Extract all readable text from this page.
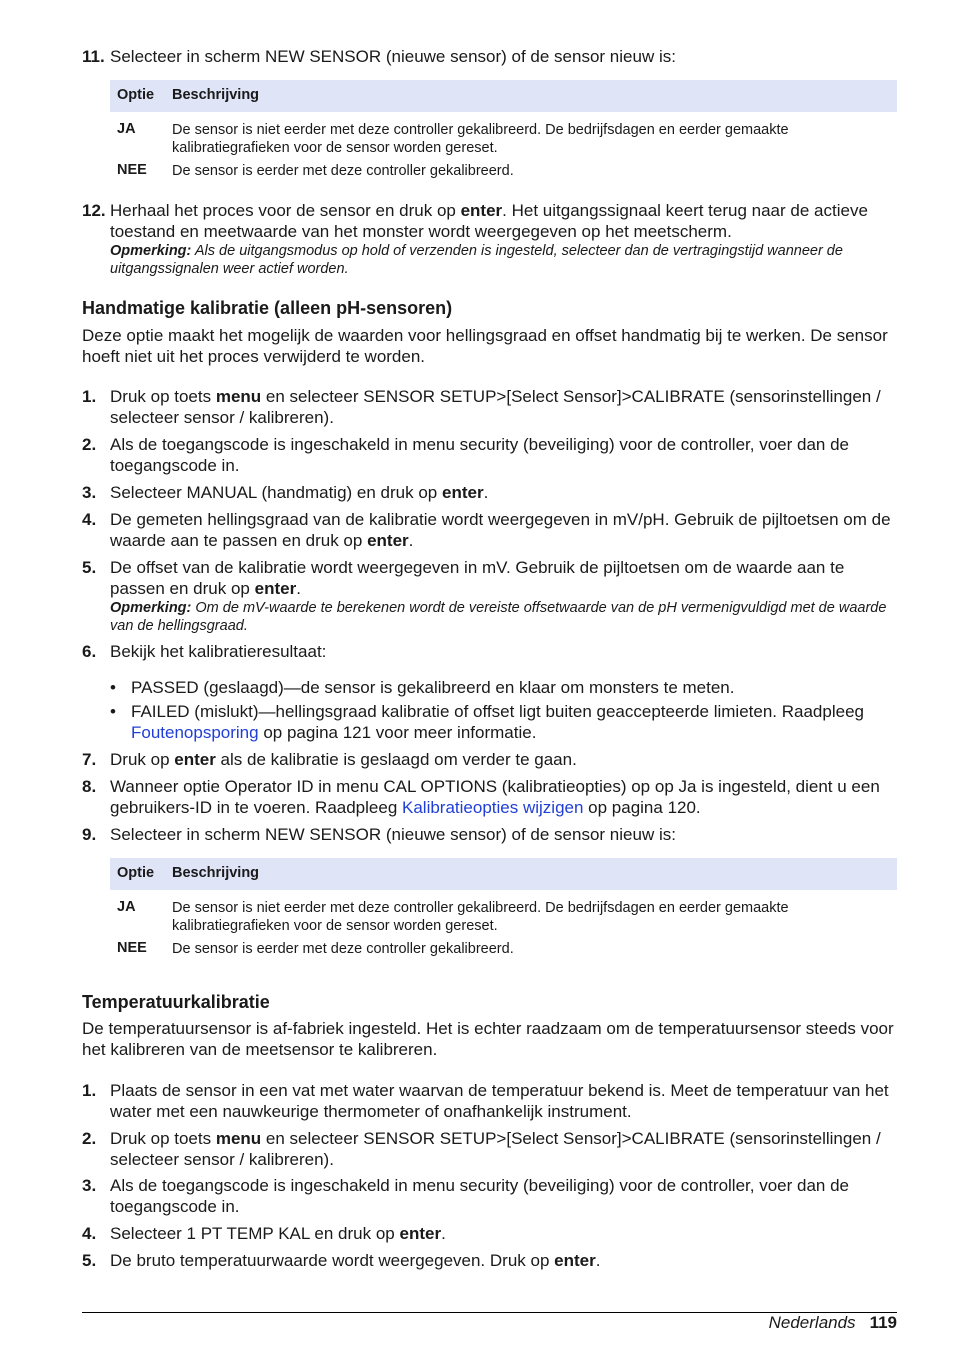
11. Selecteer in scherm NEW SENSOR (nieuwe sensor) of de sensor nieuw is:
Optie Beschrijving
JA	De sensor is niet eerder met deze controller gekalibreerd. De bedrijfsdagen en eerder gemaakte kalibratiegrafieken voor de sensor worden gereset.
NEE De sensor is eerder met deze controller gekalibreerd.
12. Herhaal het proces voor de sensor en druk op enter. Het uitgangssignaal keert terug naar de actieve toestand en meetwaarde van het monster wordt weergegeven op het meetscherm.
Opmerking: Als de uitgangsmodus op hold of verzenden is ingesteld, selecteer dan de vertragingstijd wanneer de uitgangssignalen weer actief worden.
Handmatige kalibratie (alleen pH-sensoren)
Deze optie maakt het mogelijk de waarden voor hellingsgraad en offset handmatig bij te werken. De sensor hoeft niet uit het proces verwijderd te worden.
1. Druk op toets menu en selecteer SENSOR SETUP>[Select Sensor]>CALIBRATE (sensorinstellingen / selecteer sensor / kalibreren).
2. Als de toegangscode is ingeschakeld in menu security (beveiliging) voor de controller, voer dan de toegangscode in.
3. Selecteer MANUAL (handmatig) en druk op enter.
4. De gemeten hellingsgraad van de kalibratie wordt weergegeven in mV/pH. Gebruik de pijltoetsen om de waarde aan te passen en druk op enter.
5. De offset van de kalibratie wordt weergegeven in mV. Gebruik de pijltoetsen om de waarde aan te passen en druk op enter.
Opmerking: Om de mV-waarde te berekenen wordt de vereiste offsetwaarde van de pH vermenigvuldigd met de waarde van de hellingsgraad.
6. Bekijk het kalibratieresultaat:
• PASSED (geslaagd)—de sensor is gekalibreerd en klaar om monsters te meten.
• FAILED (mislukt)—hellingsgraad kalibratie of offset ligt buiten geaccepteerde limieten. Raadpleeg Foutenopsporing op pagina 121 voor meer informatie.
7. Druk op enter als de kalibratie is geslaagd om verder te gaan.
8. Wanneer optie Operator ID in menu CAL OPTIONS (kalibratieopties) op op Ja is ingesteld, dient u een gebruikers-ID in te voeren. Raadpleeg Kalibratieopties wijzigen op pagina 120.
9. Selecteer in scherm NEW SENSOR (nieuwe sensor) of de sensor nieuw is:
Optie Beschrijving
JA	De sensor is niet eerder met deze controller gekalibreerd. De bedrijfsdagen en eerder gemaakte kalibratiegrafieken voor de sensor worden gereset.
NEE De sensor is eerder met deze controller gekalibreerd.
Temperatuurkalibratie
De temperatuursensor is af-fabriek ingesteld. Het is echter raadzaam om de temperatuursensor steeds voor het kalibreren van de meetsensor te kalibreren.
1. Plaats de sensor in een vat met water waarvan de temperatuur bekend is. Meet de temperatuur van het water met een nauwkeurige thermometer of onafhankelijk instrument.
2. Druk op toets menu en selecteer SENSOR SETUP>[Select Sensor]>CALIBRATE (sensorinstellingen / selecteer sensor / kalibreren).
3. Als de toegangscode is ingeschakeld in menu security (beveiliging) voor de controller, voer dan de toegangscode in.
4. Selecteer 1 PT TEMP KAL en druk op enter.
5. De bruto temperatuurwaarde wordt weergegeven. Druk op enter.
Nederlands 119
